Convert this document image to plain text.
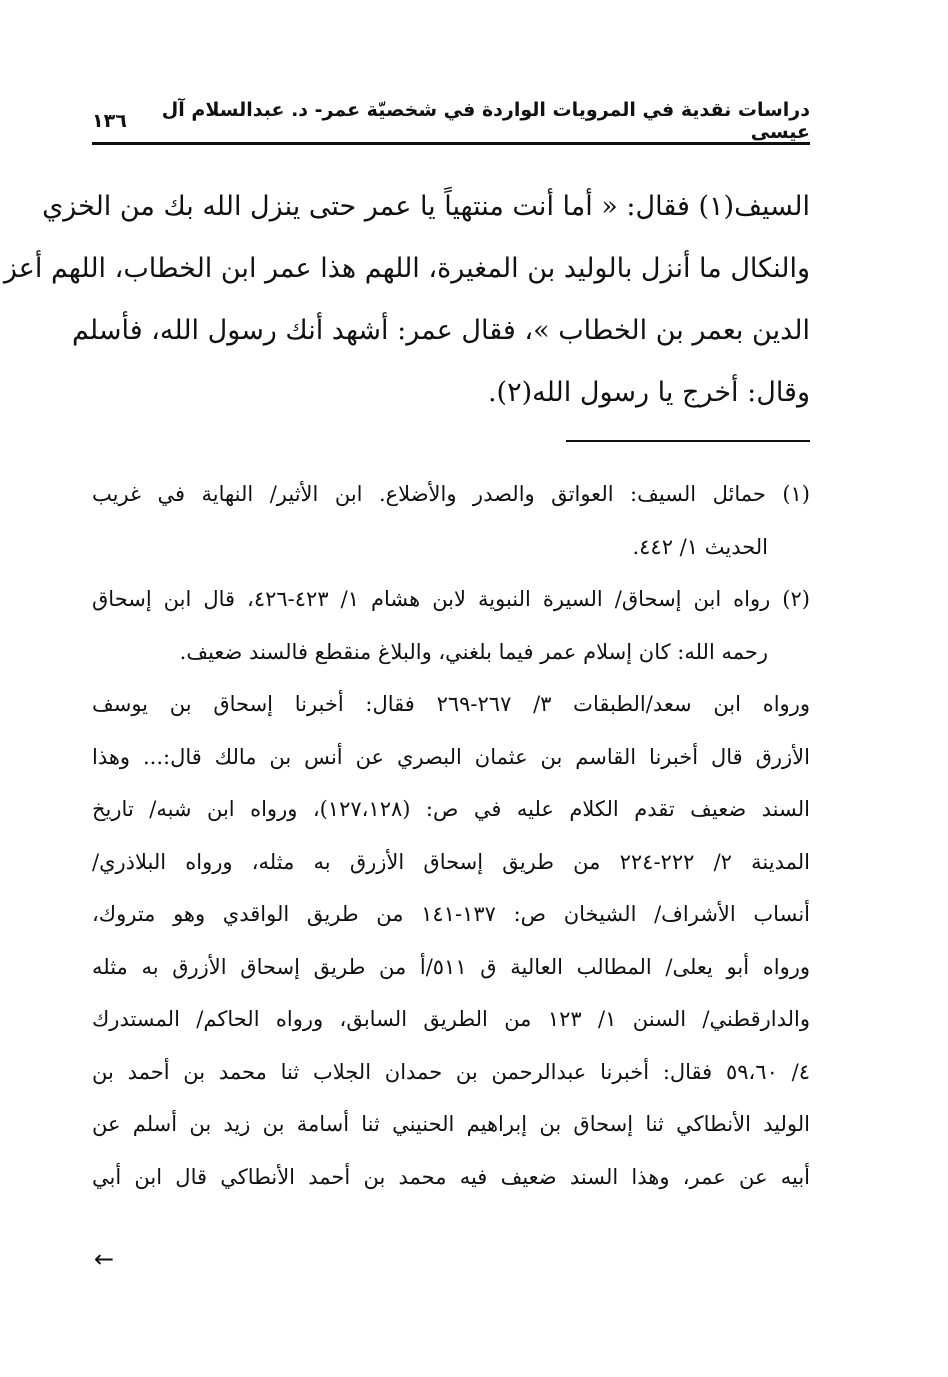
دراسات نقدية في المرويات الواردة في شخصيّة عمر- د. عبدالسلام آل عيسى
١٣٦
السيف(١) فقال: « أما أنت منتهياً يا عمر حتى ينزل الله بك من الخزي
والنكال ما أنزل بالوليد بن المغيرة، اللهم هذا عمر ابن الخطاب، اللهم أعز
الدين بعمر بن الخطاب »، فقال عمر: أشهد أنك رسول الله، فأسلم
وقال: أخرج يا رسول الله(٢).
(١) حمائل السيف: العواتق والصدر والأضلاع. ابن الأثير/ النهاية في غريب
الحديث ١/ ٤٤٢.
(٢) رواه ابن إسحاق/ السيرة النبوية لابن هشام ١/ ٤٢٣-٤٢٦، قال ابن إسحاق
رحمه الله: كان إسلام عمر فيما بلغني، والبلاغ منقطع فالسند ضعيف.
ورواه ابن سعد/الطبقات ٣/ ٢٦٧-٢٦٩ فقال: أخبرنا إسحاق بن يوسف
الأزرق قال أخبرنا القاسم بن عثمان البصري عن أنس بن مالك قال:... وهذا
السند ضعيف تقدم الكلام عليه في ص: (١٢٧،١٢٨)، ورواه ابن شبه/ تاريخ
المدينة ٢/ ٢٢٢-٢٢٤ من طريق إسحاق الأزرق به مثله، ورواه البلاذري/
أنساب الأشراف/ الشيخان ص: ١٣٧-١٤١ من طريق الواقدي وهو متروك،
ورواه أبو يعلى/ المطالب العالية ق ٥١١/أ من طريق إسحاق الأزرق به مثله
والدارقطني/ السنن ١/ ١٢٣ من الطريق السابق، ورواه الحاكم/ المستدرك
٤/ ٥٩،٦٠ فقال: أخبرنا عبدالرحمن بن حمدان الجلاب ثنا محمد بن أحمد بن
الوليد الأنطاكي ثنا إسحاق بن إبراهيم الحنيني ثنا أسامة بن زيد بن أسلم عن
أبيه عن عمر، وهذا السند ضعيف فيه محمد بن أحمد الأنطاكي قال ابن أبي
←
